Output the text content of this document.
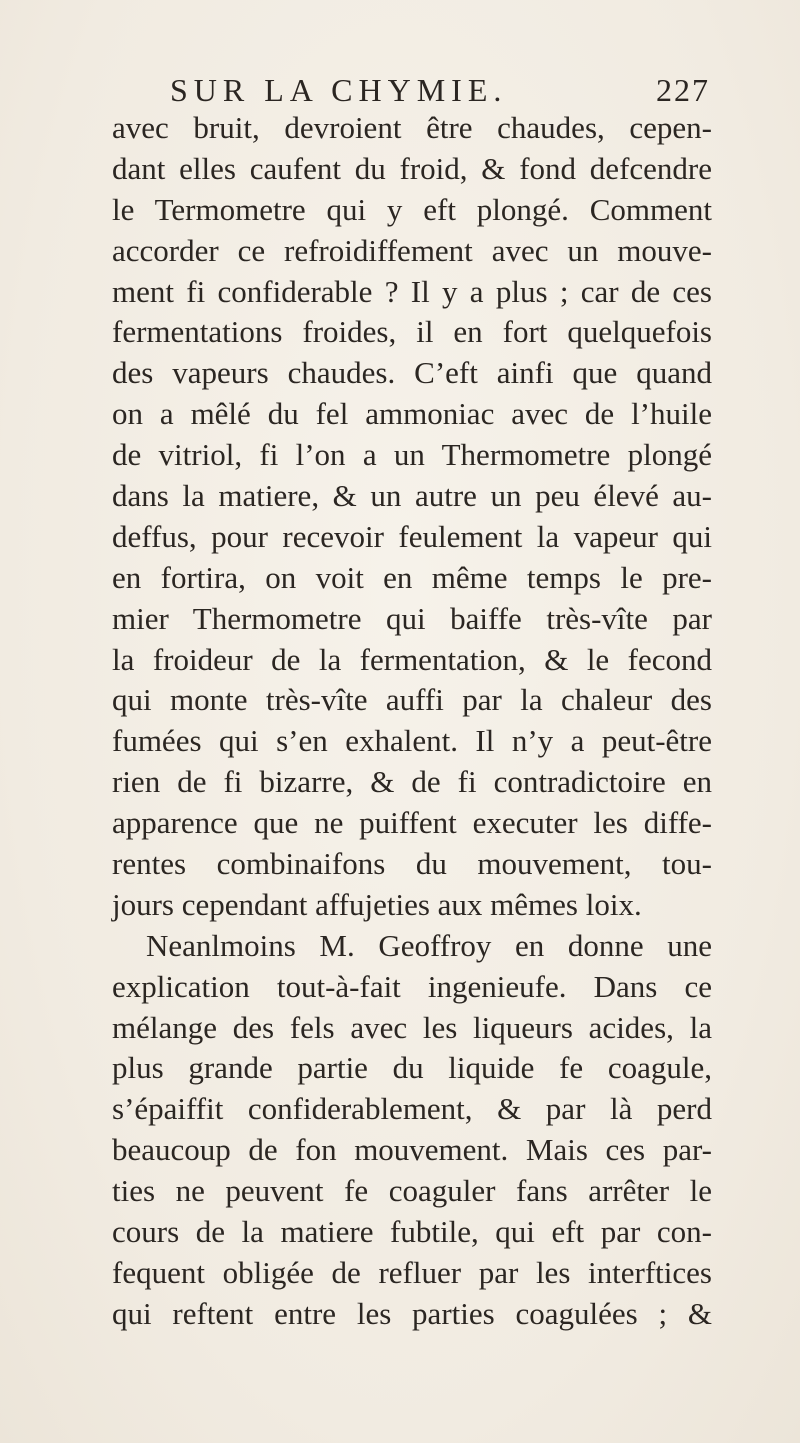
SUR LA CHYMIE.	227
avec bruit, devroient être chaudes, cepen-
dant elles caufent du froid, & fond defcendre
le Termometre qui y eft plongé. Comment
accorder ce refroidiffement avec un mouve-
ment fi confiderable ? Il y a plus ; car de ces
fermentations froides, il en fort quelquefois
des vapeurs chaudes. C’eft ainfi que quand
on a mêlé du fel ammoniac avec de l’huile
de vitriol, fi l’on a un Thermometre plongé
dans la matiere, & un autre un peu élevé au-
deffus, pour recevoir feulement la vapeur qui
en fortira, on voit en même temps le pre-
mier Thermometre qui baiffe très-vîte par
la froideur de la fermentation, & le fecond
qui monte très-vîte auffi par la chaleur des
fumées qui s’en exhalent. Il n’y a peut-être
rien de fi bizarre, & de fi contradictoire en
apparence que ne puiffent executer les diffe-
rentes combinaifons du mouvement, tou-
jours cependant affujeties aux mêmes loix.
Neanlmoins M. Geoffroy en donne une
explication tout-à-fait ingenieufe. Dans ce
mélange des fels avec les liqueurs acides, la
plus grande partie du liquide fe coagule,
s’épaiffit confiderablement, & par là perd
beaucoup de fon mouvement. Mais ces par-
ties ne peuvent fe coaguler fans arrêter le
cours de la matiere fubtile, qui eft par con-
fequent obligée de refluer par les interftices
qui reftent entre les parties coagulées ; &
